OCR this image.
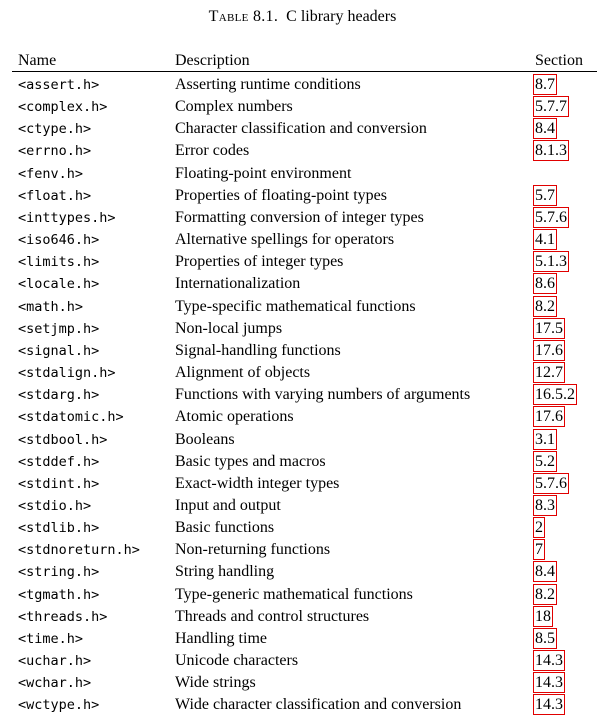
Table 8.1. C library headers
Name	Description	Section
<assert.h>	Asserting runtime conditions	8.7
<complex.h>	Complex numbers	5.7.7
<ctype.h>	Character classification and conversion	8.4
<errno.h>	Error codes	8.1.3
<fenv.h>	Floating-point environment
<float.h>	Properties of floating-point types	5.7
<inttypes.h>	Formatting conversion of integer types	5.7.6
<iso646.h>	Alternative spellings for operators	4.1
<limits.h>	Properties of integer types	5.1.3
<locale.h>	Internationalization	8.6
<math.h>	Type-specific mathematical functions	8.2
<setjmp.h>	Non-local jumps	17.5
<signal.h>	Signal-handling functions	17.6
<stdalign.h>	Alignment of objects	12.7
<stdarg.h>	Functions with varying numbers of arguments	16.5.2
<stdatomic.h>	Atomic operations	17.6
<stdbool.h>	Booleans	3.1
<stddef.h>	Basic types and macros	5.2
<stdint.h>	Exact-width integer types	5.7.6
<stdio.h>	Input and output	8.3
<stdlib.h>	Basic functions	2
<stdnoreturn.h> Non-returning functions	7
<string.h>	String handling	8.4
<tgmath.h>	Type-generic mathematical functions	8.2
<threads.h>	Threads and control structures	18
<time.h>	Handling time	8.5
<uchar.h>	Unicode characters	14.3
<wchar.h>	Wide strings	14.3
<wctype.h>	Wide character classification and conversion	14.3
